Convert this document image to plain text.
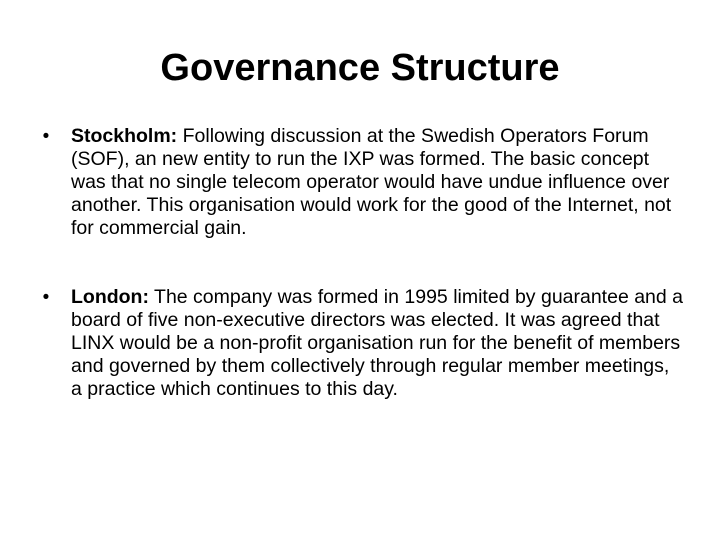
Governance Structure
•	Stockholm: Following discussion at the Swedish Operators Forum (SOF), an new entity to run the IXP was formed. The basic concept was that no single telecom operator would have undue influence over another. This organisation would work for the good of the Internet, not for commercial gain.
•	London: The company was formed in 1995 limited by guarantee and a board of five non-executive directors was elected. It was agreed that LINX would be a non-profit organisation run for the benefit of members and governed by them collectively through regular member meetings, a practice which continues to this day.
